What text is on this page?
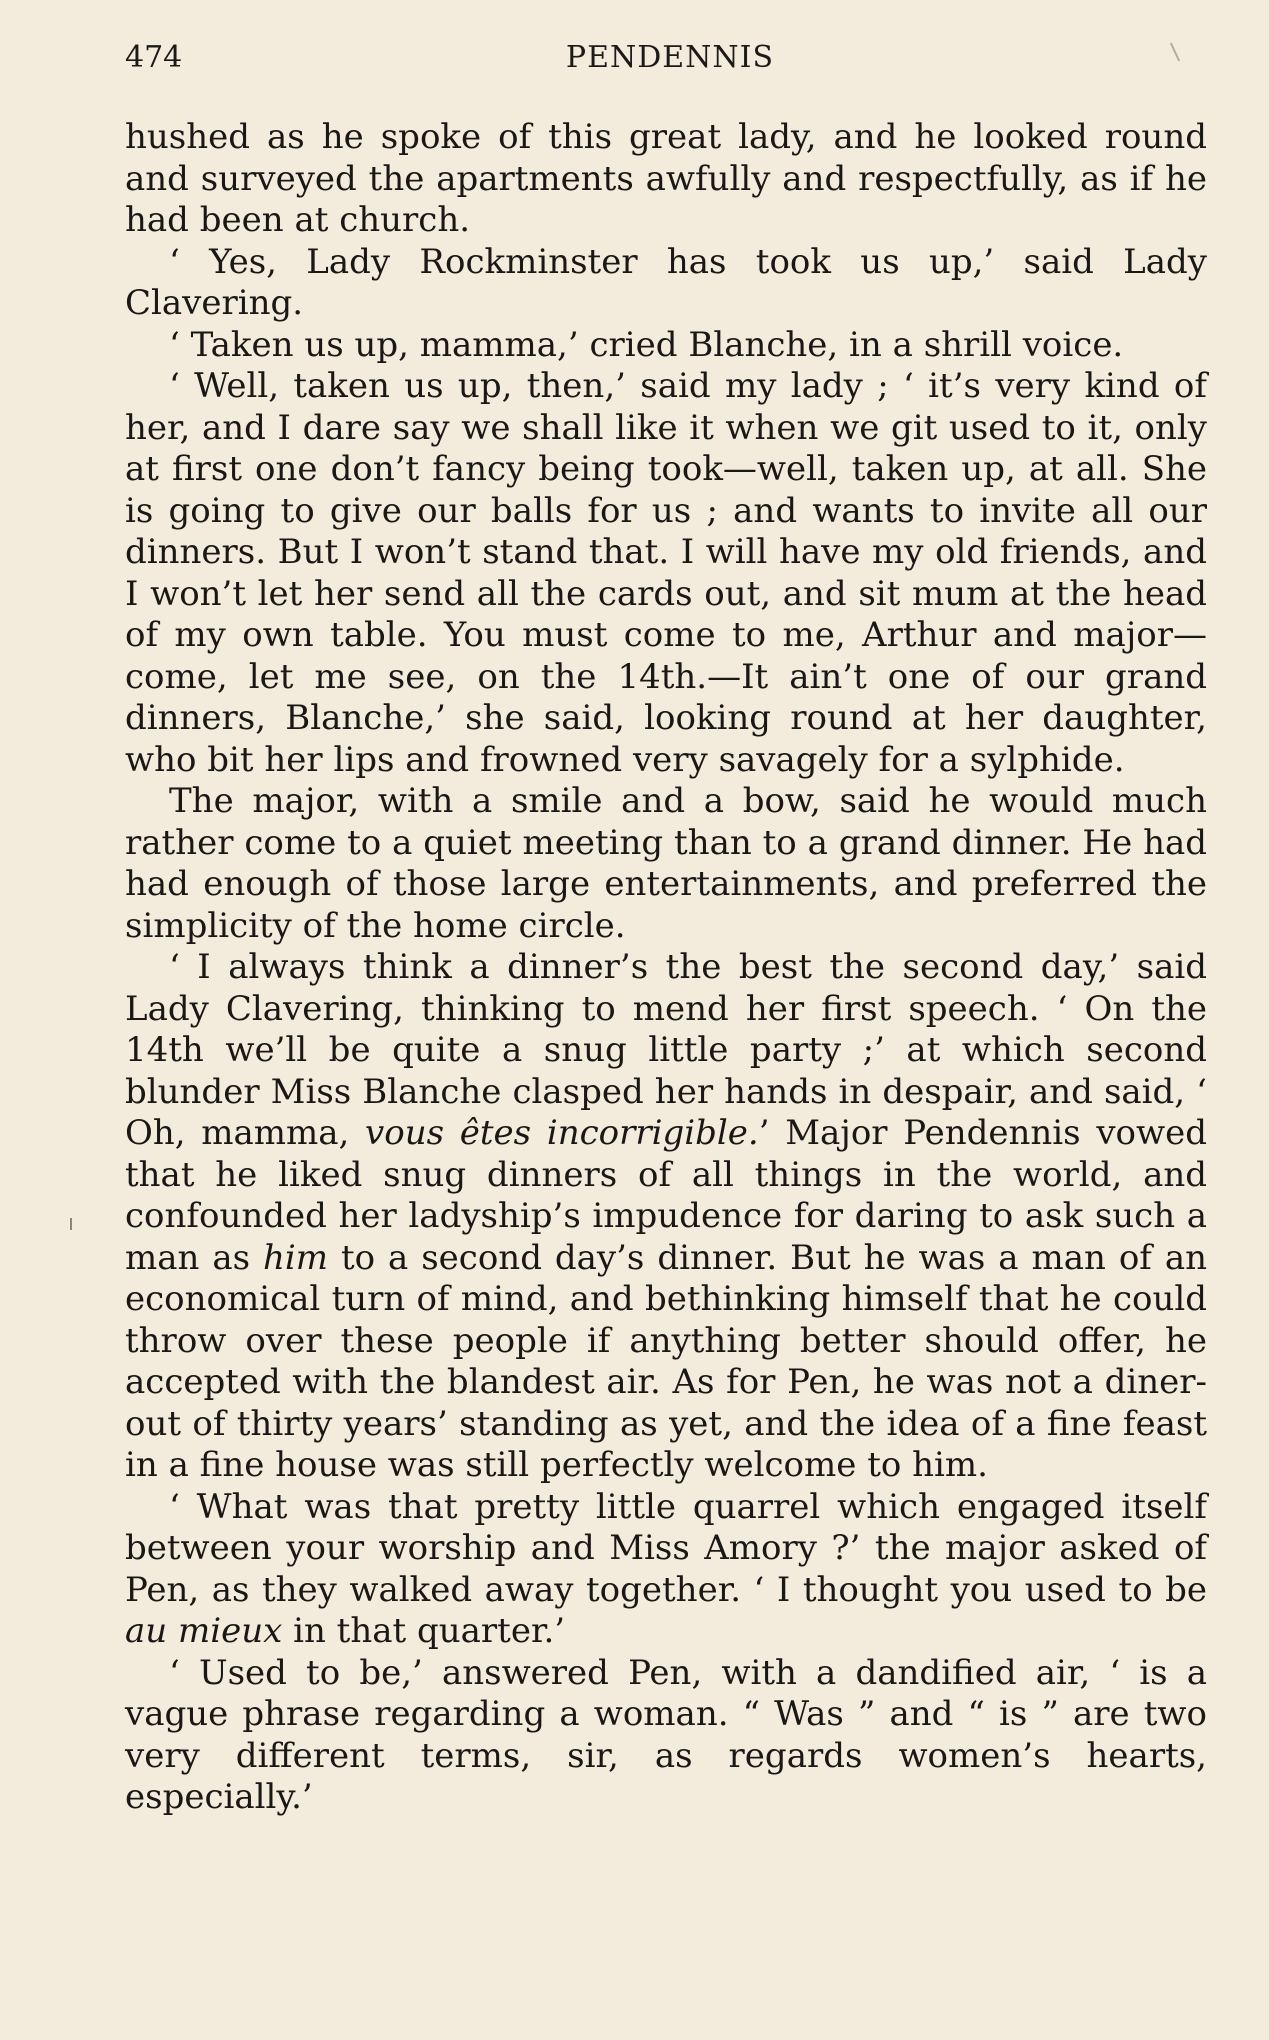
474	PENDENNIS

hushed as he spoke of this great lady, and he looked round and surveyed the apartments awfully and respectfully, as if he had been at church.

‘ Yes, Lady Rockminster has took us up,’ said Lady Clavering.

‘ Taken us up, mamma,’ cried Blanche, in a shrill voice.

‘ Well, taken us up, then,’ said my lady ; ‘ it’s very kind of her, and I dare say we shall like it when we git used to it, only at first one don’t fancy being took—well, taken up, at all. She is going to give our balls for us ; and wants to invite all our dinners. But I won’t stand that. I will have my old friends, and I won’t let her send all the cards out, and sit mum at the head of my own table. You must come to me, Arthur and major—come, let me see, on the 14th.—It ain’t one of our grand dinners, Blanche,’ she said, looking round at her daughter, who bit her lips and frowned very savagely for a sylphide.

The major, with a smile and a bow, said he would much rather come to a quiet meeting than to a grand dinner. He had had enough of those large entertainments, and preferred the simplicity of the home circle.

‘ I always think a dinner’s the best the second day,’ said Lady Clavering, thinking to mend her first speech. ‘ On the 14th we’ll be quite a snug little party ;’ at which second blunder Miss Blanche clasped her hands in despair, and said, ‘ Oh, mamma, vous êtes incorrigible.’ Major Pendennis vowed that he liked snug dinners of all things in the world, and confounded her ladyship’s impudence for daring to ask such a man as him to a second day’s dinner. But he was a man of an economical turn of mind, and bethinking himself that he could throw over these people if anything better should offer, he accepted with the blandest air. As for Pen, he was not a diner-out of thirty years’ standing as yet, and the idea of a fine feast in a fine house was still perfectly welcome to him.

‘ What was that pretty little quarrel which engaged itself between your worship and Miss Amory ?’ the major asked of Pen, as they walked away together. ‘ I thought you used to be au mieux in that quarter.’

‘ Used to be,’ answered Pen, with a dandified air, ‘ is a vague phrase regarding a woman. “ Was ” and “ is ” are two very different terms, sir, as regards women’s hearts, especially.’
